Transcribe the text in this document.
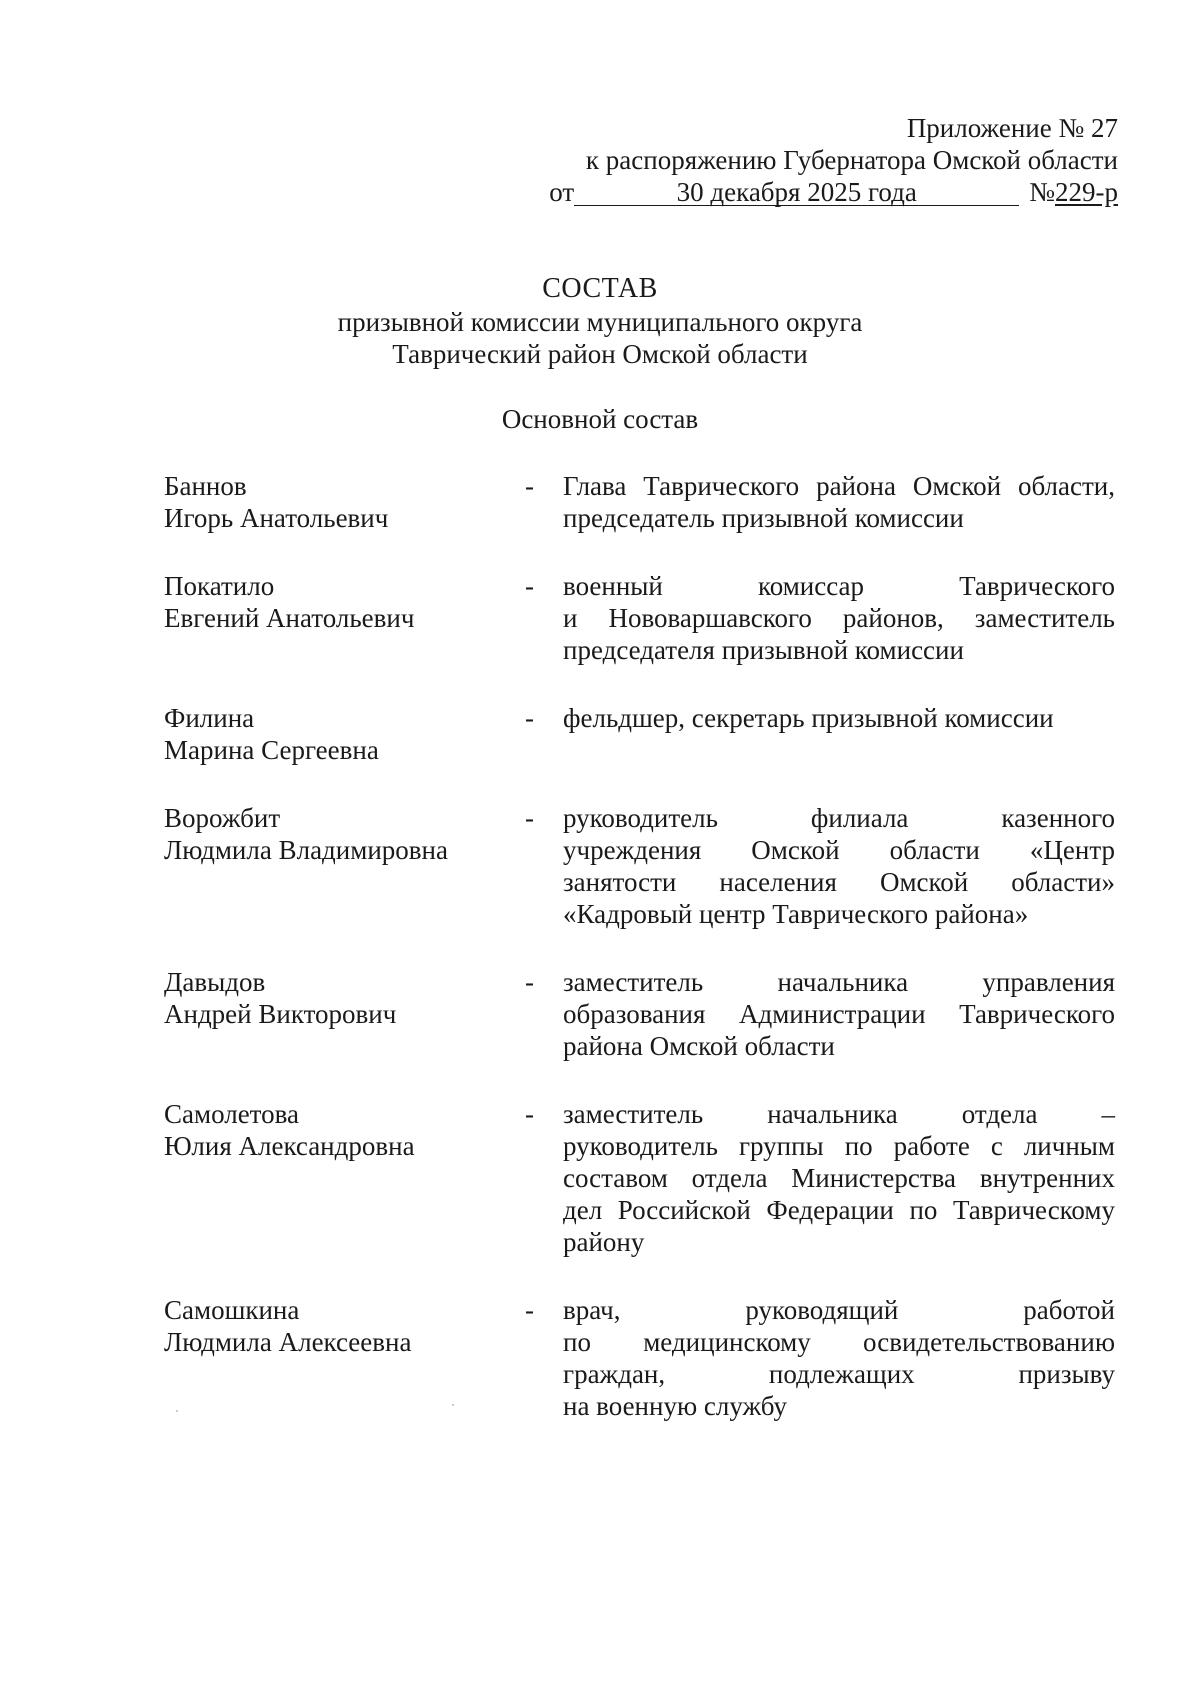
Приложение № 27
к распоряжению Губернатора Омской области
от	30 декабря 2025 года	№ 229-р
СОСТАВ
призывной комиссии муниципального округа
Таврический район Омской области
Основной состав
Баннов
Игорь Анатольевич
-	Глава Таврического района Омской области,
председатель призывной комиссии
Покатило
Евгений Анатольевич
-	военный комиссар Таврического
и Нововаршавского районов, заместитель
председателя призывной комиссии
Филина
Марина Сергеевна
-	фельдшер, секретарь призывной комиссии
Ворожбит
Людмила Владимировна
-	руководитель филиала казенного
учреждения Омской области «Центр
занятости населения Омской области»
«Кадровый центр Таврического района»
Давыдов
Андрей Викторович
-	заместитель начальника управления
образования Администрации Таврического
района Омской области
Самолетова
Юлия Александровна
-	заместитель начальника отдела –
руководитель группы по работе с личным
составом отдела Министерства внутренних
дел Российской Федерации по Таврическому
району
Самошкина
Людмила Алексеевна
-	врач, руководящий работой
по медицинскому освидетельствованию
граждан, подлежащих призыву
на военную службу
